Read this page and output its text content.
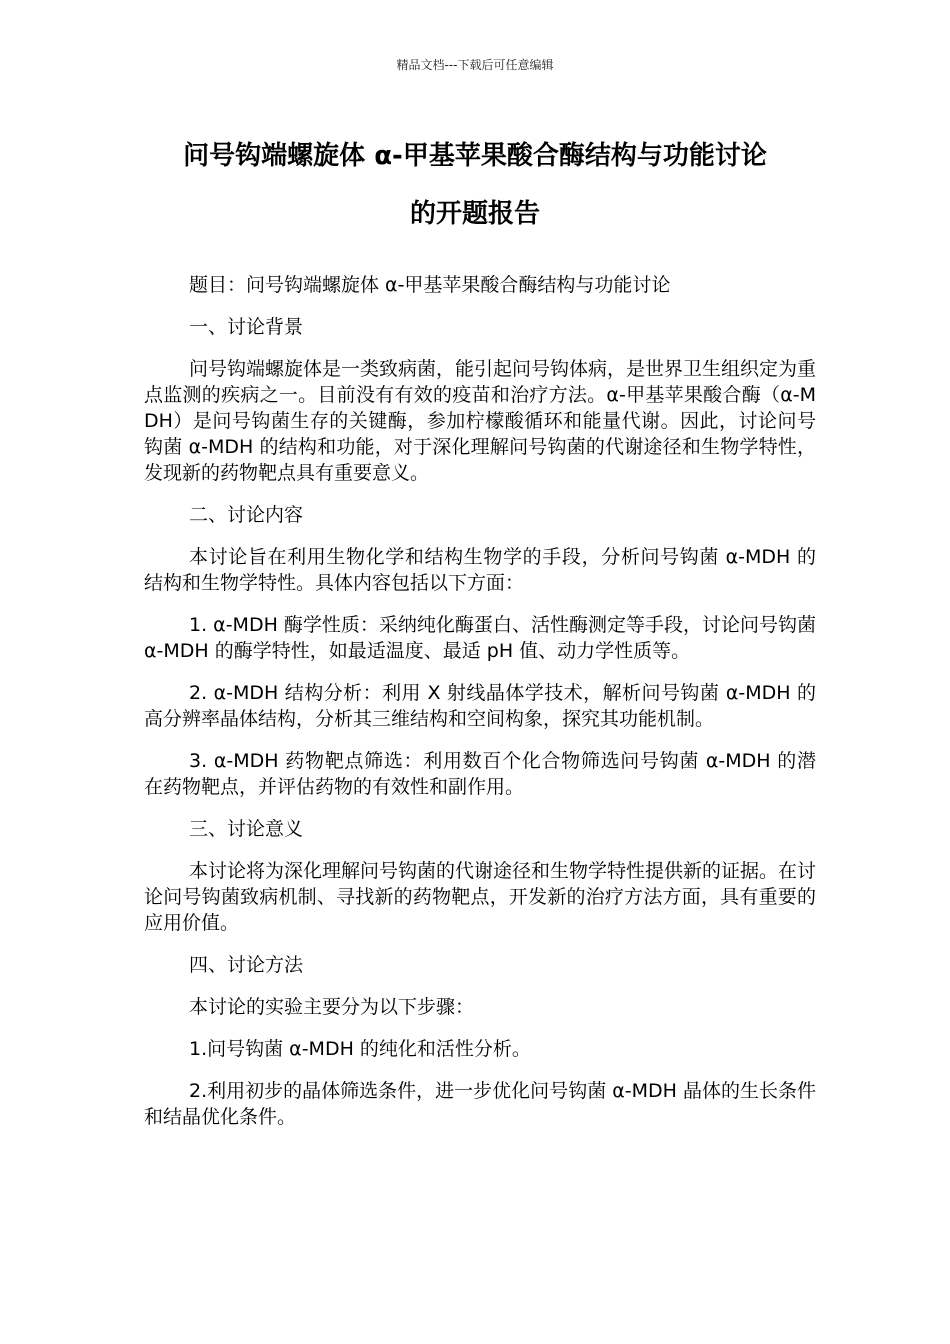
精品文档---下载后可任意编辑
问号钩端螺旋体 α-甲基苹果酸合酶结构与功能讨论
的开题报告

题目：问号钩端螺旋体 α-甲基苹果酸合酶结构与功能讨论

一、讨论背景

问号钩端螺旋体是一类致病菌，能引起问号钩体病，是世界卫生组织定为重点监测的疾病之一。目前没有有效的疫苗和治疗方法。α-甲基苹果酸合酶（α-MDH）是问号钩菌生存的关键酶，参加柠檬酸循环和能量代谢。因此，讨论问号钩菌 α-MDH 的结构和功能，对于深化理解问号钩菌的代谢途径和生物学特性，发现新的药物靶点具有重要意义。

二、讨论内容

本讨论旨在利用生物化学和结构生物学的手段，分析问号钩菌 α-MDH 的结构和生物学特性。具体内容包括以下方面：

1. α-MDH 酶学性质：采纳纯化酶蛋白、活性酶测定等手段，讨论问号钩菌 α-MDH 的酶学特性，如最适温度、最适 pH 值、动力学性质等。

2. α-MDH 结构分析：利用 X 射线晶体学技术，解析问号钩菌 α-MDH 的高分辨率晶体结构，分析其三维结构和空间构象，探究其功能机制。

3. α-MDH 药物靶点筛选：利用数百个化合物筛选问号钩菌 α-MDH 的潜在药物靶点，并评估药物的有效性和副作用。

三、讨论意义

本讨论将为深化理解问号钩菌的代谢途径和生物学特性提供新的证据。在讨论问号钩菌致病机制、寻找新的药物靶点，开发新的治疗方法方面，具有重要的应用价值。

四、讨论方法

本讨论的实验主要分为以下步骤：

1.问号钩菌 α-MDH 的纯化和活性分析。

2.利用初步的晶体筛选条件，进一步优化问号钩菌 α-MDH 晶体的生长条件和结晶优化条件。
